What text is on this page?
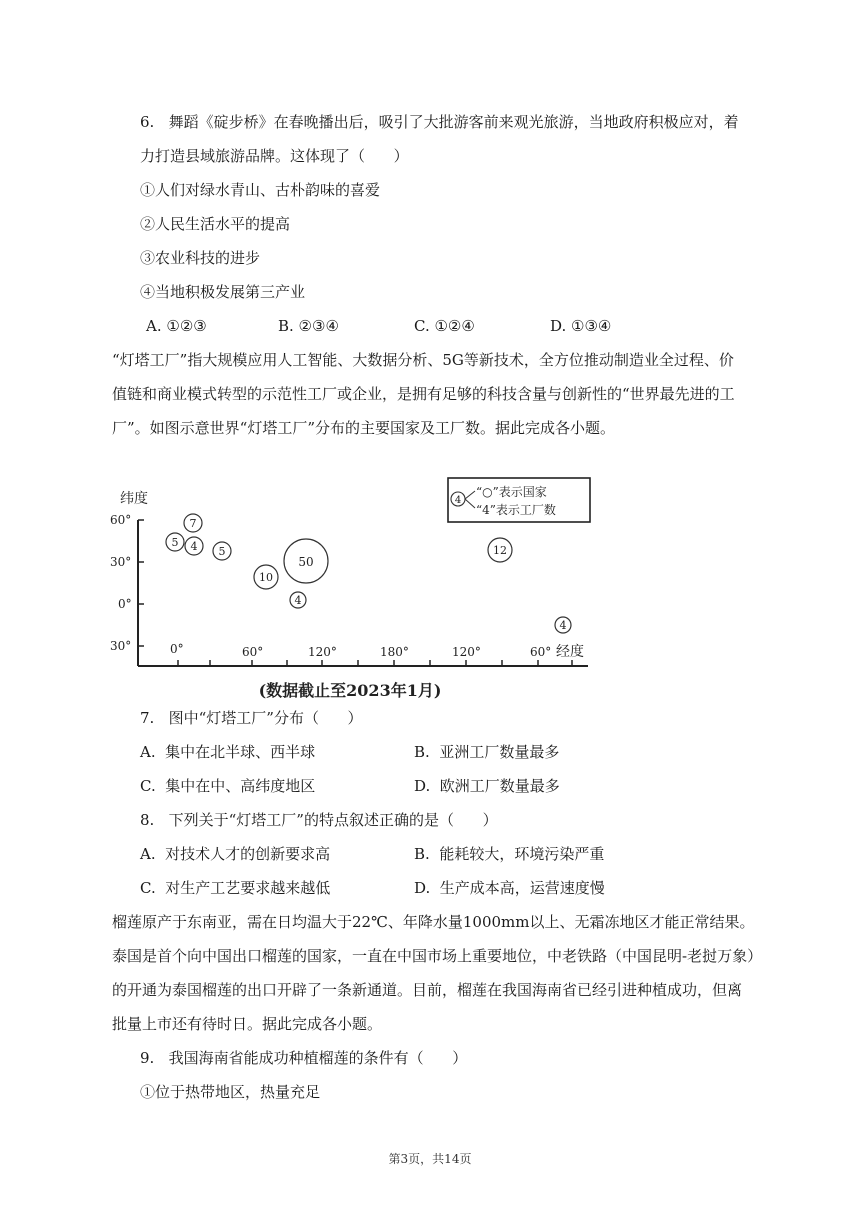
6.   舞蹈《碇步桥》在春晚播出后，吸引了大批游客前来观光旅游，当地政府积极应对，着
力打造县域旅游品牌。这体现了（      ）
①人们对绿水青山、古朴韵味的喜爱
②人民生活水平的提高
③农业科技的进步
④当地积极发展第三产业
A. ①②③	B. ②③④	C. ①②④	D. ①③④
“灯塔工厂”指大规模应用人工智能、大数据分析、5G等新技术，全方位推动制造业全过程、价
值链和商业模式转型的示范性工厂或企业，是拥有足够的科技含量与创新性的“世界最先进的工
厂”。如图示意世界“灯塔工厂”分布的主要国家及工厂数。据此完成各小题。
纬度
60°
30°
0°
30°	0°	60°	120°	180°	120°	60° 经度
7
5 4 5
10
50
4
12
4
4
“○”表示国家
“4”表示工厂数
(数据截止至2023年1月)
7.   图中“灯塔工厂”分布（      ）
A.  集中在北半球、西半球	B.  亚洲工厂数量最多
C.  集中在中、高纬度地区	D.  欧洲工厂数量最多
8.   下列关于“灯塔工厂”的特点叙述正确的是（      ）
A.  对技术人才的创新要求高	B.  能耗较大，环境污染严重
C.  对生产工艺要求越来越低	D.  生产成本高，运营速度慢
榴莲原产于东南亚，需在日均温大于22℃、年降水量1000mm以上、无霜冻地区才能正常结果。
泰国是首个向中国出口榴莲的国家，一直在中国市场上重要地位，中老铁路（中国昆明-老挝万象）
的开通为泰国榴莲的出口开辟了一条新通道。目前，榴莲在我国海南省已经引进种植成功，但离
批量上市还有待时日。据此完成各小题。
9.   我国海南省能成功种植榴莲的条件有（      ）
①位于热带地区，热量充足
第3页，共14页
